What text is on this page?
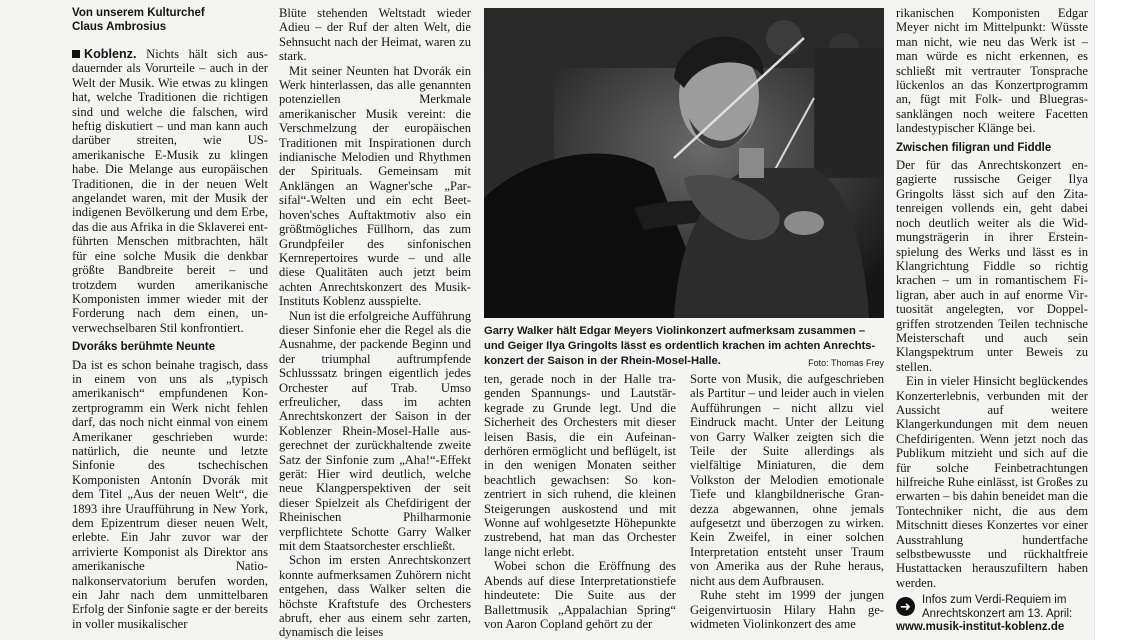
Von unserem Kulturchef
Claus Ambrosius

Koblenz. Nichts hält sich ausdauernder als Vorurteile – auch in der Welt der Musik. Wie etwas zu klingen hat, welche Traditionen die richtigen sind und welche die falschen, wird heftig diskutiert – und man kann auch darüber streiten, wie US-amerikanische E-Musik zu klingen habe. Die Melange aus europäischen Traditionen, die in der neuen Welt angelandet waren, mit der Musik der indigenen Bevölkerung und dem Erbe, das die aus Afrika in die Sklaverei entführten Menschen mitbrachten, hält für eine solche Musik die denkbar größte Bandbreite bereit – und trotzdem wurden amerikanische Komponisten immer wieder mit der Forderung nach dem einen, unverwechselbaren Stil konfrontiert.

Dvoráks berühmte Neunte

Da ist es schon beinahe tragisch, dass in einem von uns als „typisch amerikanisch“ empfundenen Konzertprogramm ein Werk nicht fehlen darf, das noch nicht einmal von einem Amerikaner geschrieben wurde: natürlich, die neunte und letzte Sinfonie des tschechischen Komponisten Antonín Dvorák mit dem Titel „Aus der neuen Welt“, die 1893 ihre Uraufführung in New York, dem Epizentrum dieser neuen Welt, erlebte. Ein Jahr zuvor war der arrivierte Komponist als Direktor ans amerikanische Nationalkonservatorium berufen worden, ein Jahr nach dem unmittelbaren Erfolg der Sinfonie sagte er der bereits in voller musikalischer

Blüte stehenden Weltstadt wieder Adieu – der Ruf der alten Welt, die Sehnsucht nach der Heimat, waren zu stark.

Mit seiner Neunten hat Dvorák ein Werk hinterlassen, das alle genannten potenziellen Merkmale amerikanischer Musik vereint: die Verschmelzung der europäischen Traditionen mit Inspirationen durch indianische Melodien und Rhythmen der Spirituals. Gemeinsam mit Anklängen an Wagner'sche „Parsifal“-Welten und ein echt Beethoven'sches Auftaktmotiv also ein größtmögliches Füllhorn, das zum Grundpfeiler des sinfonischen Kernrepertoires wurde – und alle diese Qualitäten auch jetzt beim achten Anrechtskonzert des Musik-Instituts Koblenz ausspielte.

Nun ist die erfolgreiche Aufführung dieser Sinfonie eher die Regel als die Ausnahme, der packende Beginn und der triumphal auftrumpfende Schlusssatz bringen eigentlich jedes Orchester auf Trab. Umso erfreulicher, dass im achten Anrechtskonzert der Saison in der Koblenzer Rhein-Mosel-Halle ausgerechnet der zurückhaltende zweite Satz der Sinfonie zum „Aha!“-Effekt gerät: Hier wird deutlich, welche neue Klangperspektiven der seit dieser Spielzeit als Chefdirigent der Rheinischen Philharmonie verpflichtete Schotte Garry Walker mit dem Staatsorchester erschließt.

Schon im ersten Anrechtskonzert konnte aufmerksamen Zuhörern nicht entgehen, dass Walker selten die höchste Kraftstufe des Orchesters abruft, eher aus einem sehr zarten, dynamisch die leises

Garry Walker hält Edgar Meyers Violinkonzert aufmerksam zusammen – und Geiger Ilya Gringolts lässt es ordentlich krachen im achten Anrechtskonzert der Saison in der Rhein-Mosel-Halle.	Foto: Thomas Frey

ten, gerade noch in der Halle tragenden Spannungs- und Lautstärkegrade zu Grunde legt. Und die Sicherheit des Orchesters mit dieser leisen Basis, die ein Aufeinanderhören ermöglicht und beflügelt, ist in den wenigen Monaten seither beachtlich gewachsen: So konzentriert in sich ruhend, die kleinen Steigerungen auskostend und mit Wonne auf wohlgesetzte Höhepunkte zustrebend, hat man das Orchester lange nicht erlebt.

Wobei schon die Eröffnung des Abends auf diese Interpretationstiefe hindeutete: Die Suite aus der Ballettmusik „Appalachian Spring“ von Aaron Copland gehört zu der

Sorte von Musik, die aufgeschrieben als Partitur – und leider auch in vielen Aufführungen – nicht allzu viel Eindruck macht. Unter der Leitung von Garry Walker zeigten sich die Teile der Suite allerdings als vielfältige Miniaturen, die dem Volkston der Melodien emotionale Tiefe und klangbildnerische Grandezza abgewannen, ohne jemals aufgesetzt und überzogen zu wirken. Kein Zweifel, in einer solchen Interpretation entsteht unser Traum von Amerika aus der Ruhe heraus, nicht aus dem Aufbrausen.

Ruhe steht im 1999 der jungen Geigenvirtuosin Hilary Hahn gewidmeten Violinkonzert des ame

rikanischen Komponisten Edgar Meyer nicht im Mittelpunkt: Wüsste man nicht, wie neu das Werk ist – man würde es nicht erkennen, es schließt mit vertrauter Tonsprache lückenlos an das Konzertprogramm an, fügt mit Folk- und Bluegrassanklängen noch weitere Facetten landestypischer Klänge bei.

Zwischen filigran und Fiddle

Der für das Anrechtskonzert engagierte russische Geiger Ilya Gringolts lässt sich auf den Zitatenreigen vollends ein, geht dabei noch deutlich weiter als die Widmungsträgerin in ihrer Ersteinspielung des Werks und lässt es in Klangrichtung Fiddle so richtig krachen – um in romantischem Filigran, aber auch in auf enorme Virtuosität angelegten, vor Doppelgriffen strotzenden Teilen technische Meisterschaft und auch sein Klangspektrum unter Beweis zu stellen.

Ein in vieler Hinsicht beglückendes Konzerterlebnis, verbunden mit der Aussicht auf weitere Klangerkundungen mit dem neuen Chefdirigenten. Wenn jetzt noch das Publikum mitzieht und sich auf die für solche Feinbetrachtungen hilfreiche Ruhe einlässt, ist Großes zu erwarten – bis dahin beneidet man die Tontechniker nicht, die aus dem Mitschnitt dieses Konzertes vor einer Ausstrahlung hundertfache selbstbewusste und rückhaltfreie Hustattacken herauszufiltern haben werden.

➜ Infos zum Verdi-Requiem im
Anrechtskonzert am 13. April:
www.musik-institut-koblenz.de
